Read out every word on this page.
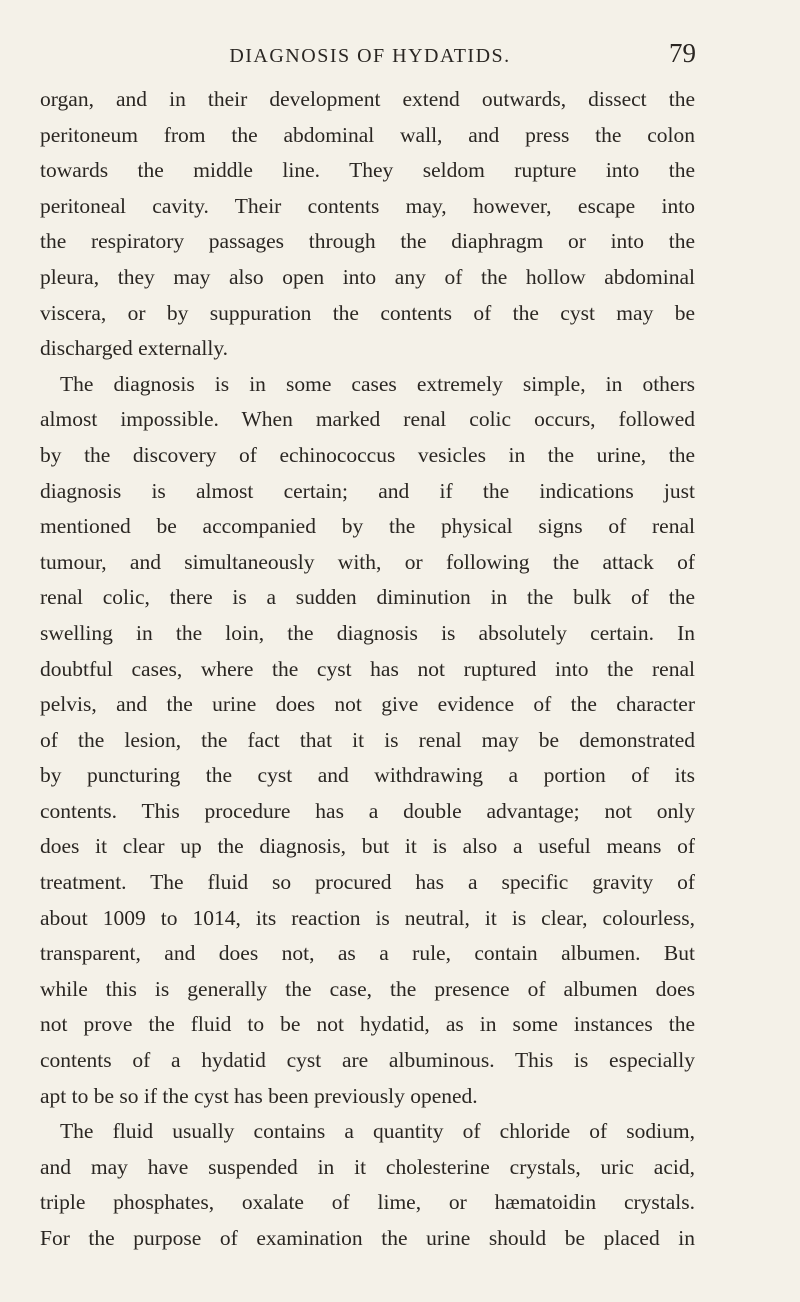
DIAGNOSIS OF HYDATIDS.	79
organ, and in their development extend outwards, dissect the
peritoneum from the abdominal wall, and press the colon
towards the middle line. They seldom rupture into the
peritoneal cavity. Their contents may, however, escape into
the respiratory passages through the diaphragm or into the
pleura, they may also open into any of the hollow abdominal
viscera, or by suppuration the contents of the cyst may be
discharged externally.
The diagnosis is in some cases extremely simple, in others
almost impossible. When marked renal colic occurs, followed
by the discovery of echinococcus vesicles in the urine, the
diagnosis is almost certain; and if the indications just
mentioned be accompanied by the physical signs of renal
tumour, and simultaneously with, or following the attack of
renal colic, there is a sudden diminution in the bulk of the
swelling in the loin, the diagnosis is absolutely certain. In
doubtful cases, where the cyst has not ruptured into the renal
pelvis, and the urine does not give evidence of the character
of the lesion, the fact that it is renal may be demonstrated
by puncturing the cyst and withdrawing a portion of its
contents. This procedure has a double advantage; not only
does it clear up the diagnosis, but it is also a useful means of
treatment. The fluid so procured has a specific gravity of
about 1009 to 1014, its reaction is neutral, it is clear, colourless,
transparent, and does not, as a rule, contain albumen. But
while this is generally the case, the presence of albumen does
not prove the fluid to be not hydatid, as in some instances the
contents of a hydatid cyst are albuminous. This is especially
apt to be so if the cyst has been previously opened.
The fluid usually contains a quantity of chloride of sodium,
and may have suspended in it cholesterine crystals, uric acid,
triple phosphates, oxalate of lime, or hæmatoidin crystals.
For the purpose of examination the urine should be placed in
